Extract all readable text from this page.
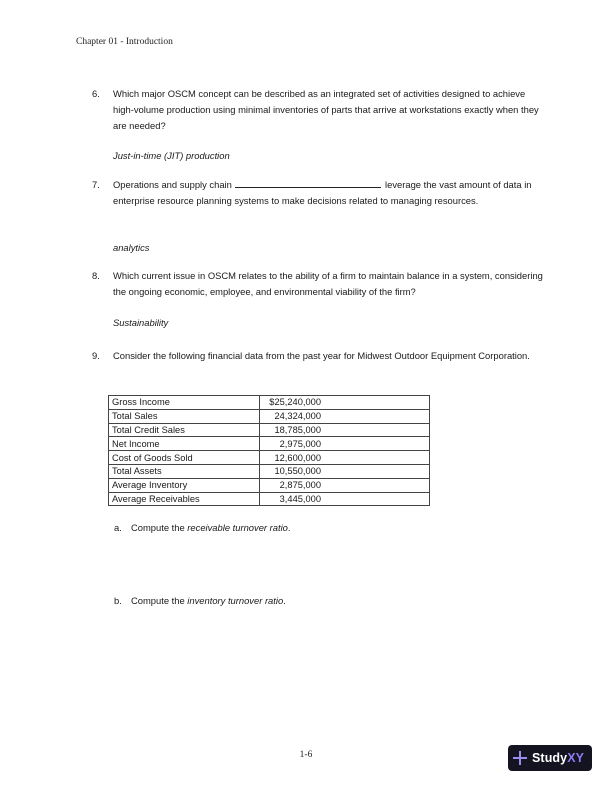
Chapter 01 - Introduction
6. Which major OSCM concept can be described as an integrated set of activities designed to achieve high-volume production using minimal inventories of parts that arrive at workstations exactly when they are needed?
Just-in-time (JIT) production
7. Operations and supply chain	leverage the vast amount of data in enterprise resource planning systems to make decisions related to managing resources.
analytics
8. Which current issue in OSCM relates to the ability of a firm to maintain balance in a system, considering the ongoing economic, employee, and environmental viability of the firm?
Sustainability
9. Consider the following financial data from the past year for Midwest Outdoor Equipment Corporation.
Gross Income	$25,240,000
Total Sales	24,324,000
Total Credit Sales	18,785,000
Net Income	2,975,000
Cost of Goods Sold	12,600,000
Total Assets	10,550,000
Average Inventory	2,875,000
Average Receivables	3,445,000
a. Compute the receivable turnover ratio.
b. Compute the inventory turnover ratio.
1-6	StudyXY
